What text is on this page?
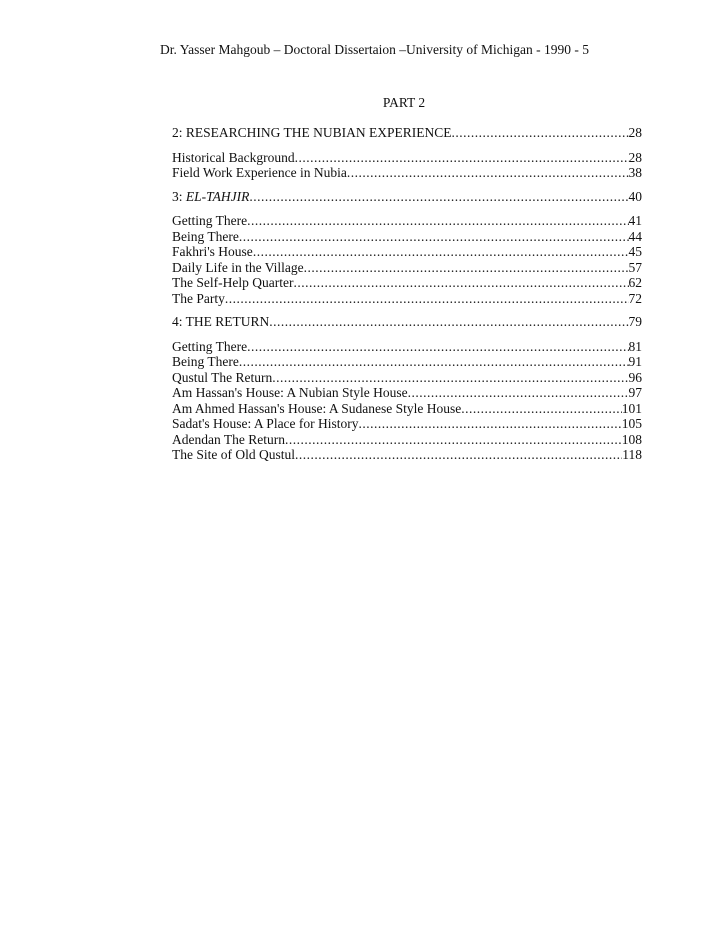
Dr. Yasser Mahgoub – Doctoral Dissertaion –University of Michigan - 1990 - 5
PART 2
2: RESEARCHING THE NUBIAN EXPERIENCE .....	28
Historical Background .....	28
Field Work Experience in Nubia .....	38
3: EL-TAHJIR .....	40
Getting There .....	41
Being There .....	44
Fakhri's House .....	45
Daily Life in the Village .....	57
The Self-Help Quarter .....	62
The Party .....	72
4: THE RETURN .....	79
Getting There .....	81
Being There .....	91
Qustul The Return .....	96
Am Hassan's House: A Nubian Style House .....	97
Am Ahmed Hassan's House: A Sudanese Style House .....	101
Sadat's House: A Place for History .....	105
Adendan The Return .....	108
The Site of Old Qustul .....	118
